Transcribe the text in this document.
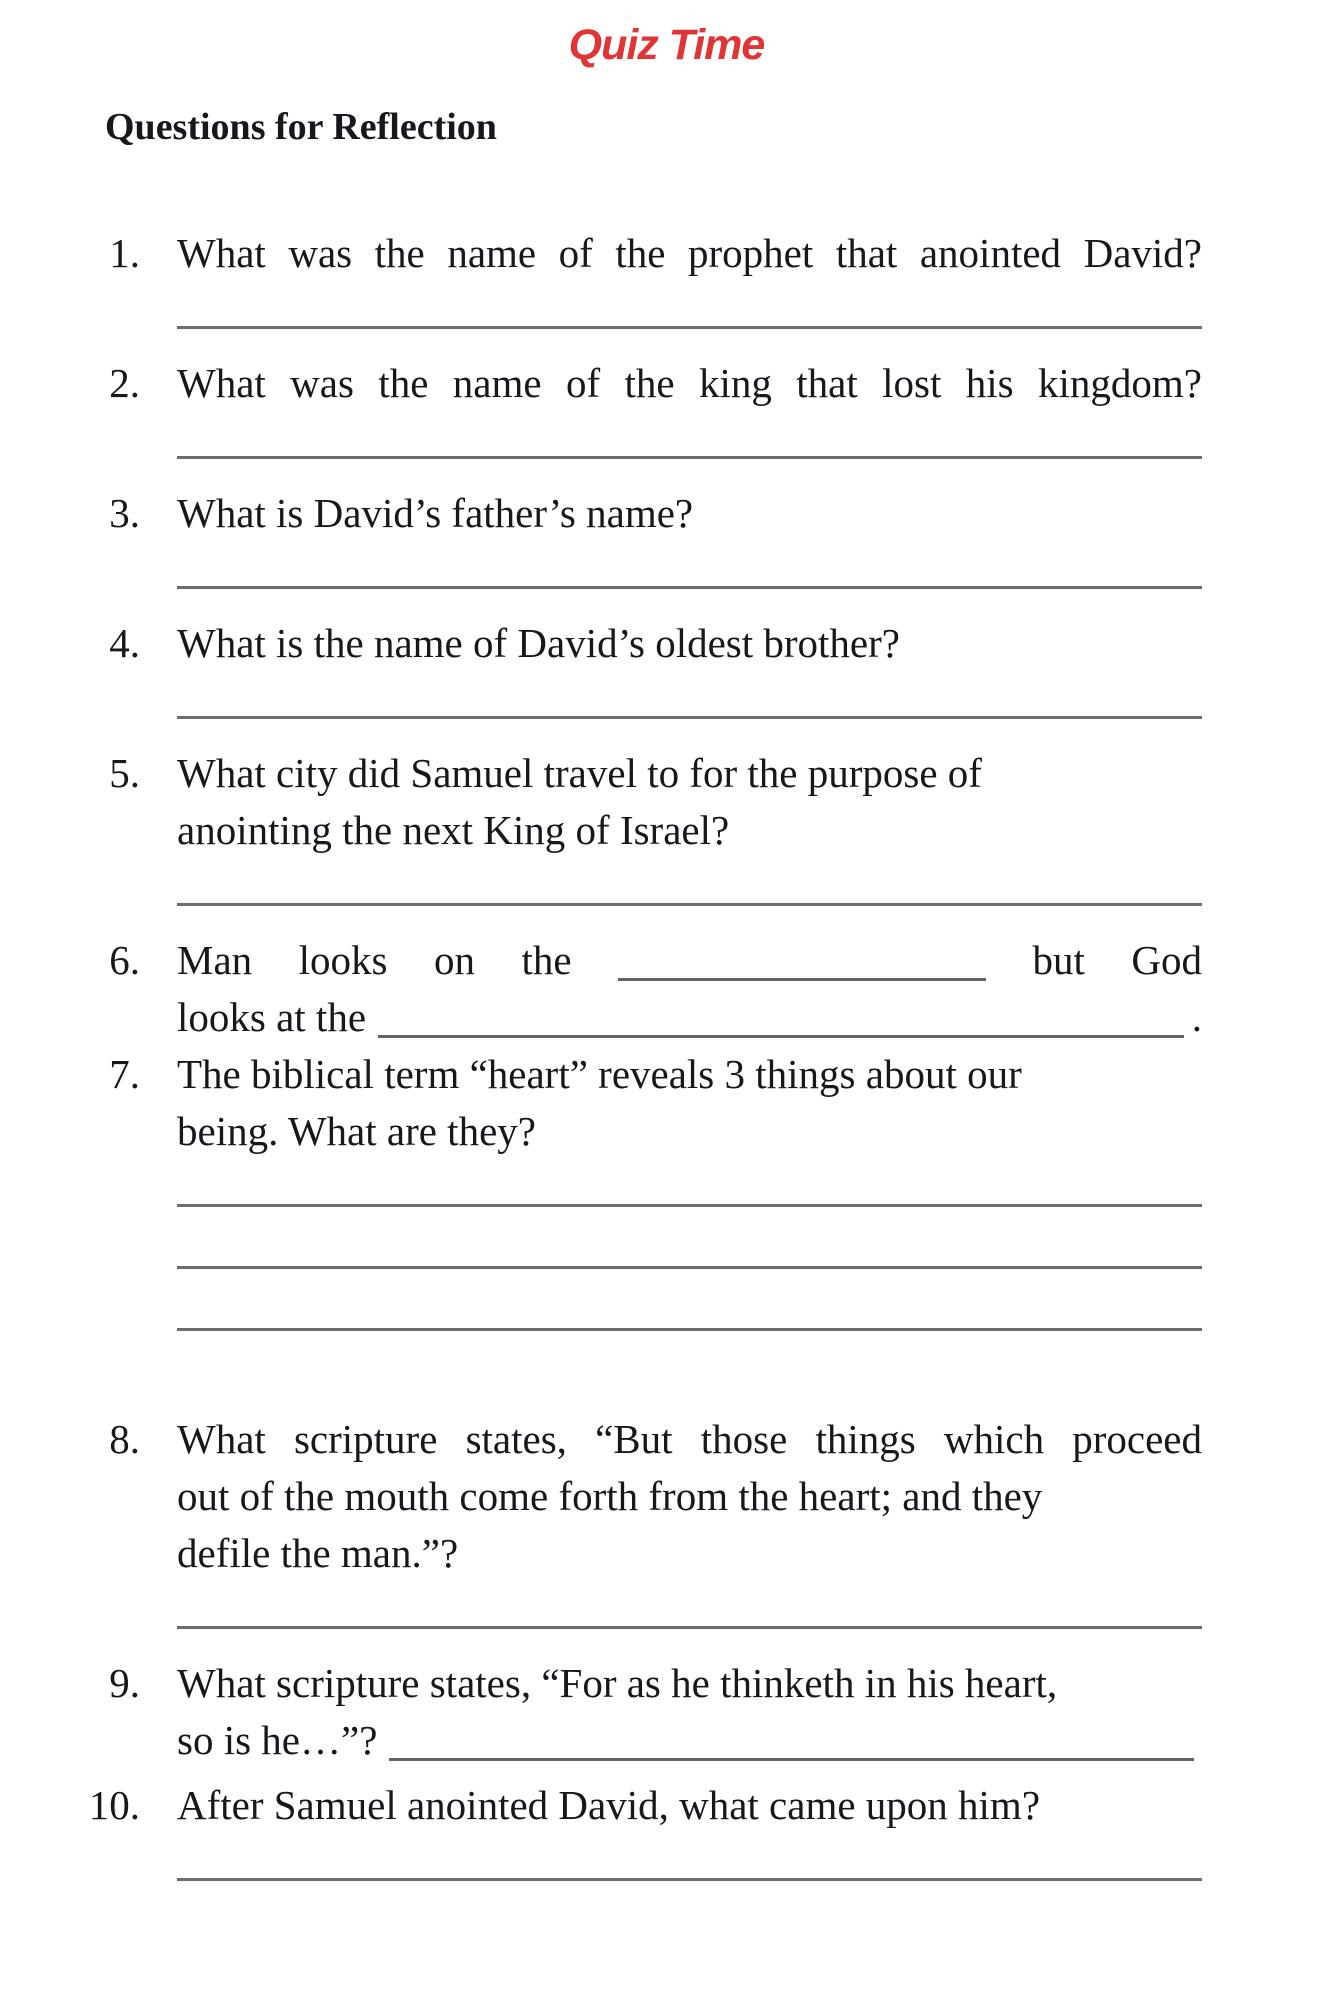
Quiz Time
Questions for Reflection
1. What was the name of the prophet that anointed David?
2. What was the name of the king that lost his kingdom?
3. What is David’s father’s name?
4. What is the name of David’s oldest brother?
5. What city did Samuel travel to for the purpose of
anointing the next King of Israel?
6. Man looks on the	but God
looks at the	.
7. The biblical term “heart” reveals 3 things about our
being. What are they?
8. What scripture states, “But those things which proceed
out of the mouth come forth from the heart; and they
defile the man.”?
9. What scripture states, “For as he thinketh in his heart,
so is he…”?
10. After Samuel anointed David, what came upon him?
